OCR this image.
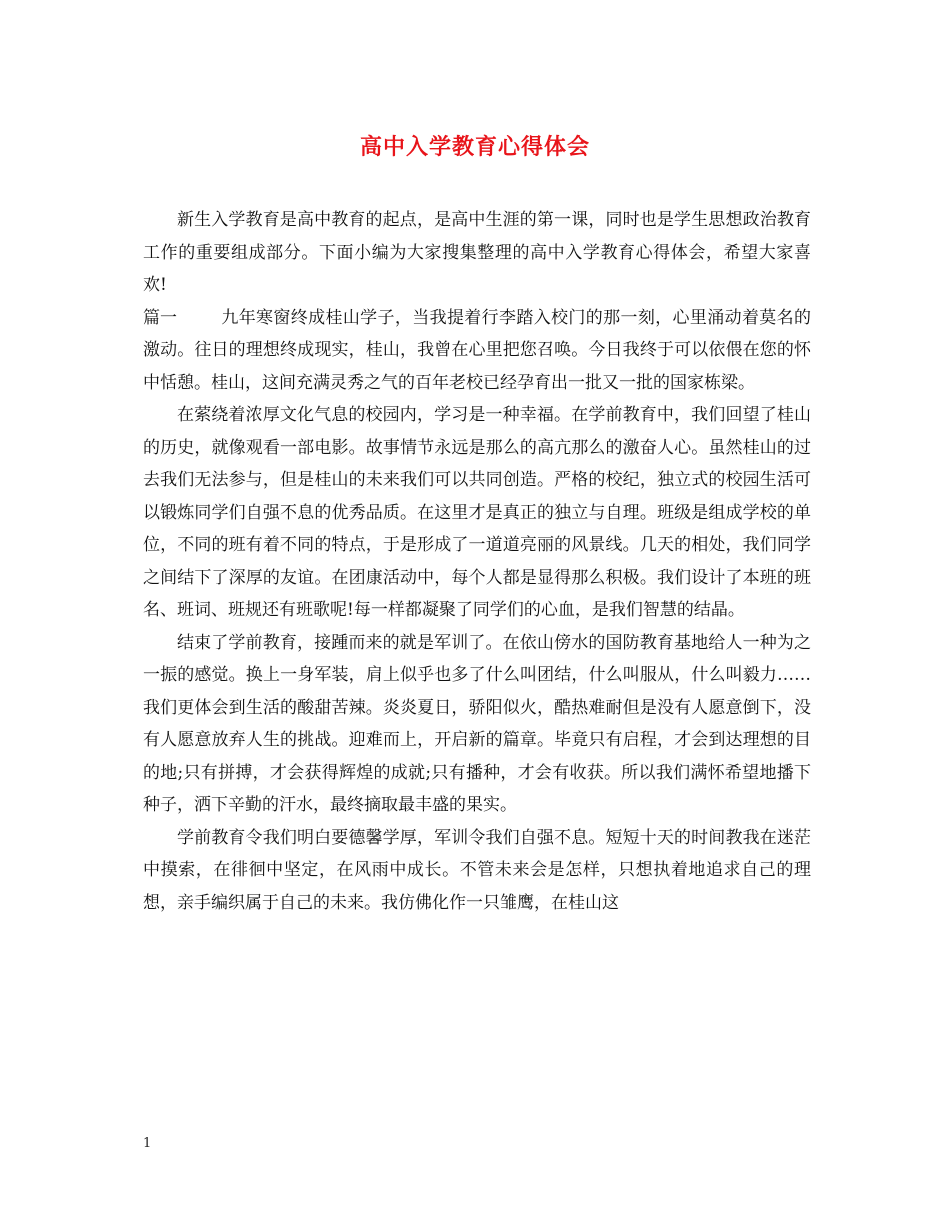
高中入学教育心得体会

新生入学教育是高中教育的起点，是高中生涯的第一课，同时也是学生思想政治教育工作的重要组成部分。下面小编为大家搜集整理的高中入学教育心得体会，希望大家喜欢!

篇一	九年寒窗终成桂山学子，当我提着行李踏入校门的那一刻，心里涌动着莫名的激动。往日的理想终成现实，桂山，我曾在心里把您召唤。今日我终于可以依偎在您的怀中恬憩。桂山，这间充满灵秀之气的百年老校已经孕育出一批又一批的国家栋梁。

在萦绕着浓厚文化气息的校园内，学习是一种幸福。在学前教育中，我们回望了桂山的历史，就像观看一部电影。故事情节永远是那么的高亢那么的激奋人心。虽然桂山的过去我们无法参与，但是桂山的未来我们可以共同创造。严格的校纪，独立式的校园生活可以锻炼同学们自强不息的优秀品质。在这里才是真正的独立与自理。班级是组成学校的单位，不同的班有着不同的特点，于是形成了一道道亮丽的风景线。几天的相处，我们同学之间结下了深厚的友谊。在团康活动中，每个人都是显得那么积极。我们设计了本班的班名、班词、班规还有班歌呢!每一样都凝聚了同学们的心血，是我们智慧的结晶。

结束了学前教育，接踵而来的就是军训了。在依山傍水的国防教育基地给人一种为之一振的感觉。换上一身军装，肩上似乎也多了什么叫团结，什么叫服从，什么叫毅力……我们更体会到生活的酸甜苦辣。炎炎夏日，骄阳似火，酷热难耐但是没有人愿意倒下，没有人愿意放弃人生的挑战。迎难而上，开启新的篇章。毕竟只有启程，才会到达理想的目的地;只有拼搏，才会获得辉煌的成就;只有播种，才会有收获。所以我们满怀希望地播下种子，洒下辛勤的汗水，最终摘取最丰盛的果实。

学前教育令我们明白要德馨学厚，军训令我们自强不息。短短十天的时间教我在迷茫中摸索，在徘徊中坚定，在风雨中成长。不管未来会是怎样，只想执着地追求自己的理想，亲手编织属于自己的未来。我仿佛化作一只雏鹰，在桂山这

1
